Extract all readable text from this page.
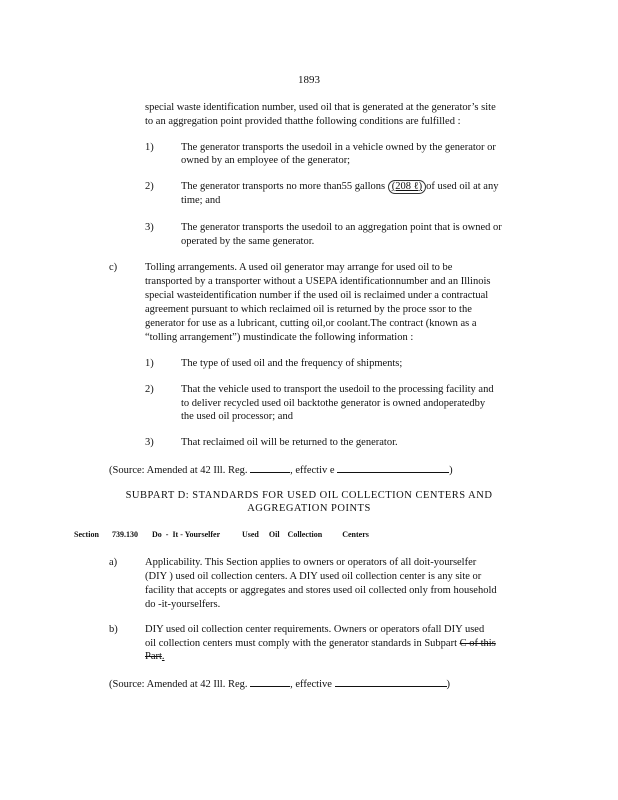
1893
special waste identification number, used oil that is generated at the generator’s site
to an aggregation point provided thatthe following conditions are fulfilled :
1)	The generator transports the usedoil in a vehicle owned by the generator or
owned by an employee of the generator;
2)	The generator transports no more than55 gallons (208 ℓ) of used oil at any
time; and
3)	The generator transports the usedoil to an aggregation point that is owned or
operated by the same generator.
c)	Tolling arrangements. A used oil generator may arrange for used oil to be
transported by a transporter without a USEPA identificationnumber and an Illinois
special wasteidentification number if the used oil is reclaimed under a contractual
agreement pursuant to which reclaimed oil is returned by the proce ssor to the
generator for use as a lubricant, cutting oil,or coolant.The contract (known as a
“tolling arrangement”) mustindicate the following information :
1)	The type of used oil and the frequency of shipments;
2)	That the vehicle used to transport the usedoil to the processing facility and
to deliver recycled used oil backtothe generator is owned andoperatedby
the used oil processor; and
3)	That reclaimed oil will be returned to the generator.
(Source: Amended at 42 Ill. Reg.	, effectiv e	)
SUBPART D: STANDARDS FOR USED OIL COLLECTION CENTERS AND
AGGREGATION POINTS
Section 739.130 Do  -  It - Yourselfer           Used     Oil    Collection          Centers
a)	Applicability. This Section applies to owners or operators of all doit-yourselfer
(DIY ) used oil collection centers. A DIY used oil collection center is any site or
facility that accepts or aggregates and stores used oil collected only from household
do -it-yourselfers.
b)	DIY used oil collection center requirements. Owners or operators ofall DIY used
oil collection centers must comply with the generator standards in Subpart C of this
Part.
(Source: Amended at 42 Ill. Reg.	, effective	)
